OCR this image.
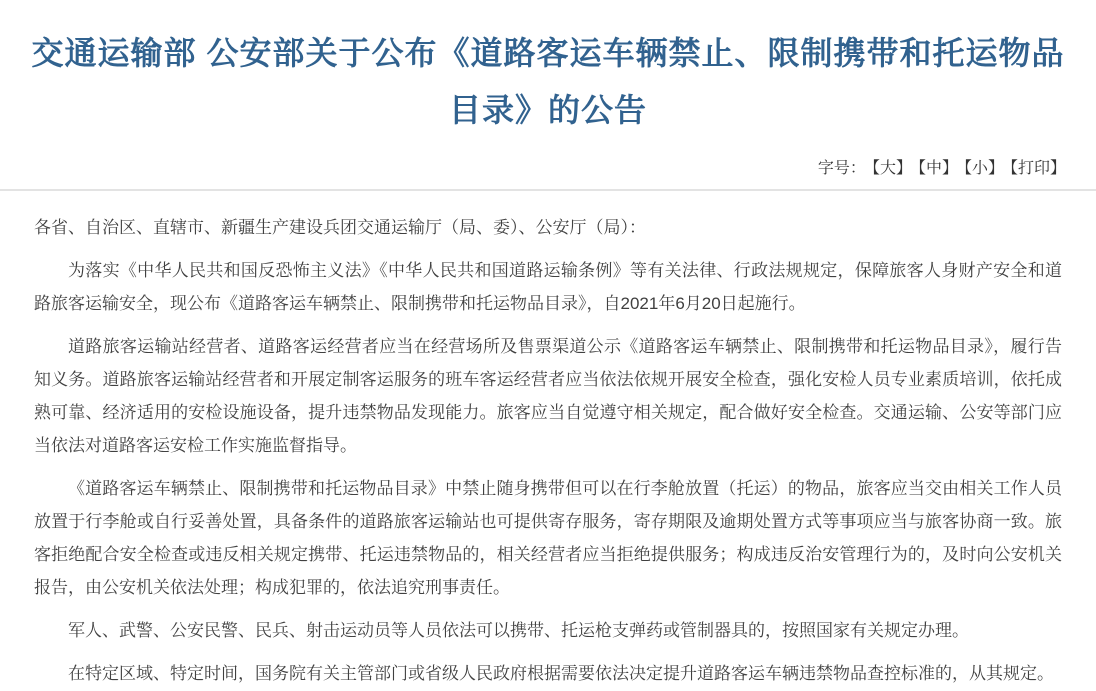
交通运输部 公安部关于公布《道路客运车辆禁止、限制携带和托运物品目录》的公告
字号： 【大】 【中】 【小】 【打印】

各省、自治区、直辖市、新疆生产建设兵团交通运输厅（局、委）、公安厅（局）：

为落实《中华人民共和国反恐怖主义法》《中华人民共和国道路运输条例》等有关法律、行政法规规定，保障旅客人身财产安全和道路旅客运输安全，现公布《道路客运车辆禁止、限制携带和托运物品目录》，自2021年6月20日起施行。

道路旅客运输站经营者、道路客运经营者应当在经营场所及售票渠道公示《道路客运车辆禁止、限制携带和托运物品目录》，履行告知义务。道路旅客运输站经营者和开展定制客运服务的班车客运经营者应当依法依规开展安全检查，强化安检人员专业素质培训，依托成熟可靠、经济适用的安检设施设备，提升违禁物品发现能力。旅客应当自觉遵守相关规定，配合做好安全检查。交通运输、公安等部门应当依法对道路客运安检工作实施监督指导。

《道路客运车辆禁止、限制携带和托运物品目录》中禁止随身携带但可以在行李舱放置（托运）的物品，旅客应当交由相关工作人员放置于行李舱或自行妥善处置，具备条件的道路旅客运输站也可提供寄存服务，寄存期限及逾期处置方式等事项应当与旅客协商一致。旅客拒绝配合安全检查或违反相关规定携带、托运违禁物品的，相关经营者应当拒绝提供服务；构成违反治安管理行为的，及时向公安机关报告，由公安机关依法处理；构成犯罪的，依法追究刑事责任。

军人、武警、公安民警、民兵、射击运动员等人员依法可以携带、托运枪支弹药或管制器具的，按照国家有关规定办理。

在特定区域、特定时间，国务院有关主管部门或省级人民政府根据需要依法决定提升道路客运车辆违禁物品查控标准的，从其规定。
